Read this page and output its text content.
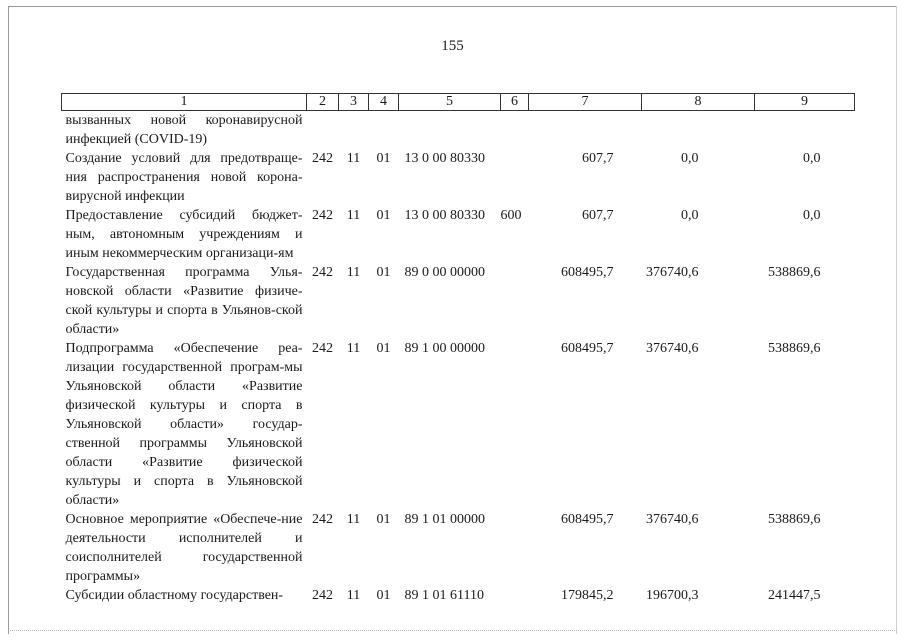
155
1	2	3	4	5	6	7	8	9
вызванных новой коронавирусной инфекцией (COVID-19)								
Создание условий для предотвраще-ния распространения новой корона-вирусной инфекции	242	11	01	13 0 00 80330		607,7	0,0	0,0
Предоставление субсидий бюджет-ным, автономным учреждениям и иным некоммерческим организаци-ям	242	11	01	13 0 00 80330	600	607,7	0,0	0,0
Государственная программа Улья-новской области «Развитие физиче-ской культуры и спорта в Ульянов-ской области»	242	11	01	89 0 00 00000		608495,7	376740,6	538869,6
Подпрограмма «Обеспечение реа-лизации государственной програм-мы Ульяновской области «Развитие физической культуры и спорта в Ульяновской области» государ-ственной программы Ульяновской области «Развитие физической культуры и спорта в Ульяновской области»	242	11	01	89 1 00 00000		608495,7	376740,6	538869,6
Основное мероприятие «Обеспече-ние деятельности исполнителей и соисполнителей государственной программы»	242	11	01	89 1 01 00000		608495,7	376740,6	538869,6
Субсидии областному государствен-	242	11	01	89 1 01 61110		179845,2	196700,3	241447,5
